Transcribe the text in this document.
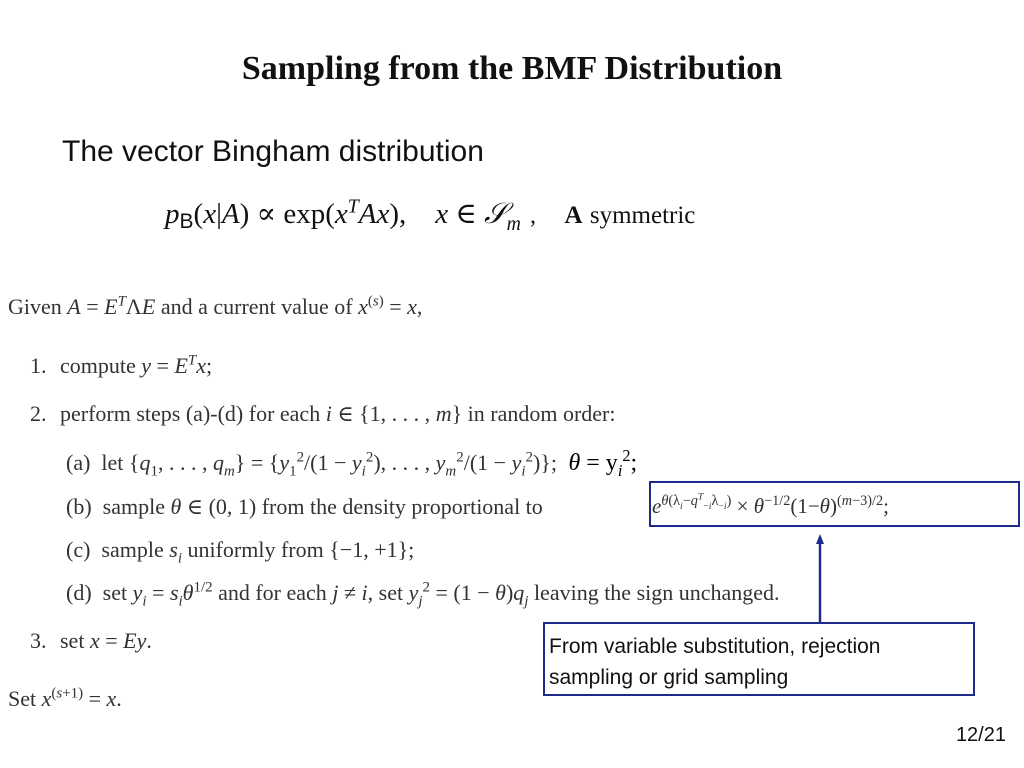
Sampling from the BMF Distribution
The vector Bingham distribution
$pB(x|A) \propto \exp(x^TAx)$,    x ∈ 𝒮$_m$ , A symmetric
Given $A = E^T\Lambda E$ and a current value of $x^{(s)} = x$,
1. compute $y = E^Tx$;
2. perform steps (a)-(d) for each i ∈ {1, . . . , m} in random order:
(a) let {$q_1$, . . . , $q_m\} = \{y_1^2/(1 - y_i^2)$, . . . , $y_m^2/(1 - y_i^2)$}; $\theta = y_i^2$;
(b) sample θ ∈ (0, 1) from the density proportional to	$e^{\theta(\lambda_i-q^T_{-i}\lambda_{-i})} \times \theta^{-1/2}(1-\theta)^{(m-3)/2}$;
(c) sample $s_i$ uniformly from {−1, +1};
(d) set $y_i = s_i\theta^{1/2}$ and for each j ≠ i, set $y_j^2 = (1 - \theta)q_j$ leaving the sign unchanged.
3. set x = Ey.
Set $x^{(s+1)} = x$.
From variable substitution, rejection sampling or grid sampling
12/21
